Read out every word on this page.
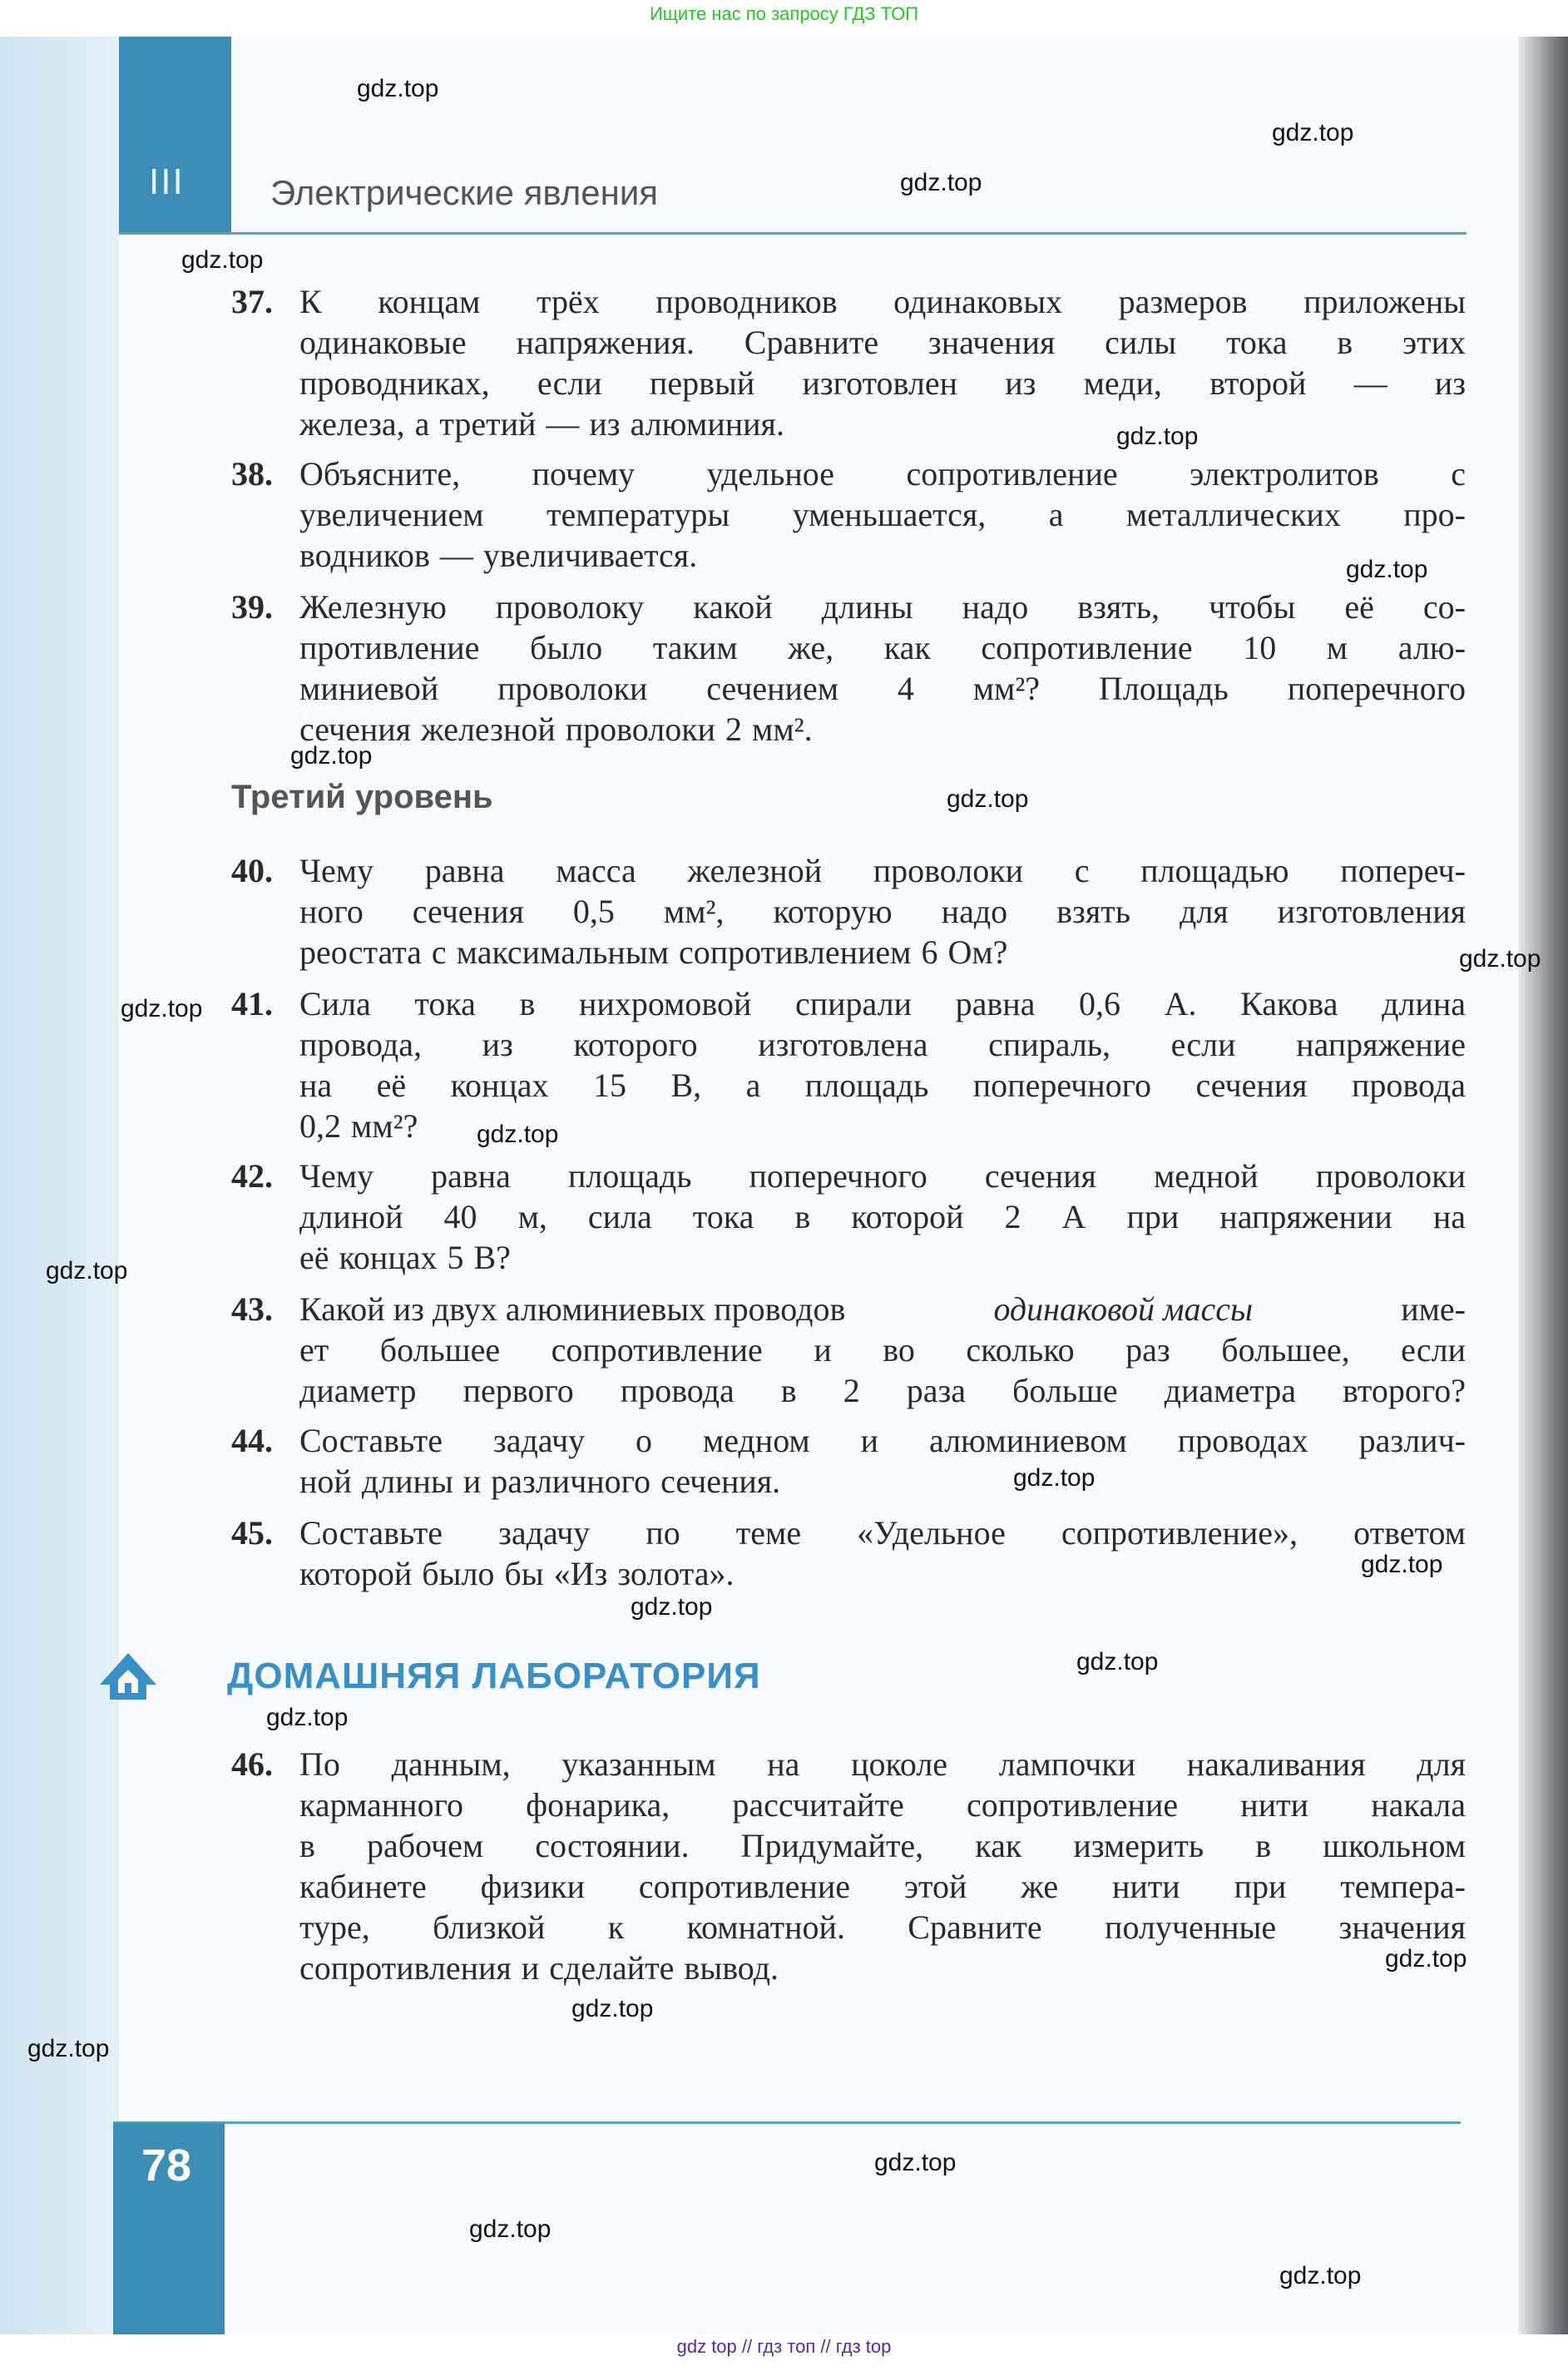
Ищите нас по запросу ГДЗ ТОП
III Электрические явления
37. К концам трёх проводников одинаковых размеров приложены
одинаковые напряжения. Сравните значения силы тока в этих
проводниках, если первый изготовлен из меди, второй — из
железа, а третий — из алюминия.
38. Объясните, почему удельное сопротивление электролитов с
увеличением температуры уменьшается, а металлических про-
водников — увеличивается.
39. Железную проволоку какой длины надо взять, чтобы её со-
противление было таким же, как сопротивление 10 м алю-
миниевой проволоки сечением 4 мм²? Площадь поперечного
сечения железной проволоки 2 мм².
Третий уровень
40. Чему равна масса железной проволоки с площадью попереч-
ного сечения 0,5 мм², которую надо взять для изготовления
реостата с максимальным сопротивлением 6 Ом?
41. Сила тока в нихромовой спирали равна 0,6 А. Какова длина
провода, из которого изготовлена спираль, если напряжение
на её концах 15 В, а площадь поперечного сечения провода
0,2 мм²?
42. Чему равна площадь поперечного сечения медной проволоки
длиной 40 м, сила тока в которой 2 А при напряжении на
её концах 5 В?
43. Какой из двух алюминиевых проводов	одинаковой массы	име-
ет большее сопротивление и во сколько раз большее, если
диаметр первого провода в 2 раза больше диаметра второго?
44. Составьте задачу о медном и алюминиевом проводах различ-
ной длины и различного сечения.
45. Составьте задачу по теме «Удельное сопротивление», ответом
которой было бы «Из золота».
ДОМАШНЯЯ ЛАБОРАТОРИЯ
46. По данным, указанным на цоколе лампочки накаливания для
карманного фонарика, рассчитайте сопротивление нити накала
в рабочем состоянии. Придумайте, как измерить в школьном
кабинете физики сопротивление этой же нити при темпера-
туре, близкой к комнатной. Сравните полученные значения
сопротивления и сделайте вывод.
78
gdz.top
gdz.top
gdz.top
gdz.top
gdz.top
gdz.top
gdz.top
gdz.top
gdz.top
gdz.top
gdz.top
gdz.top
gdz.top
gdz.top
gdz.top
gdz.top
gdz.top
gdz.top
gdz.top
gdz.top
gdz.top
gdz.top
gdz.top
gdz top // гдз топ // гдз top
